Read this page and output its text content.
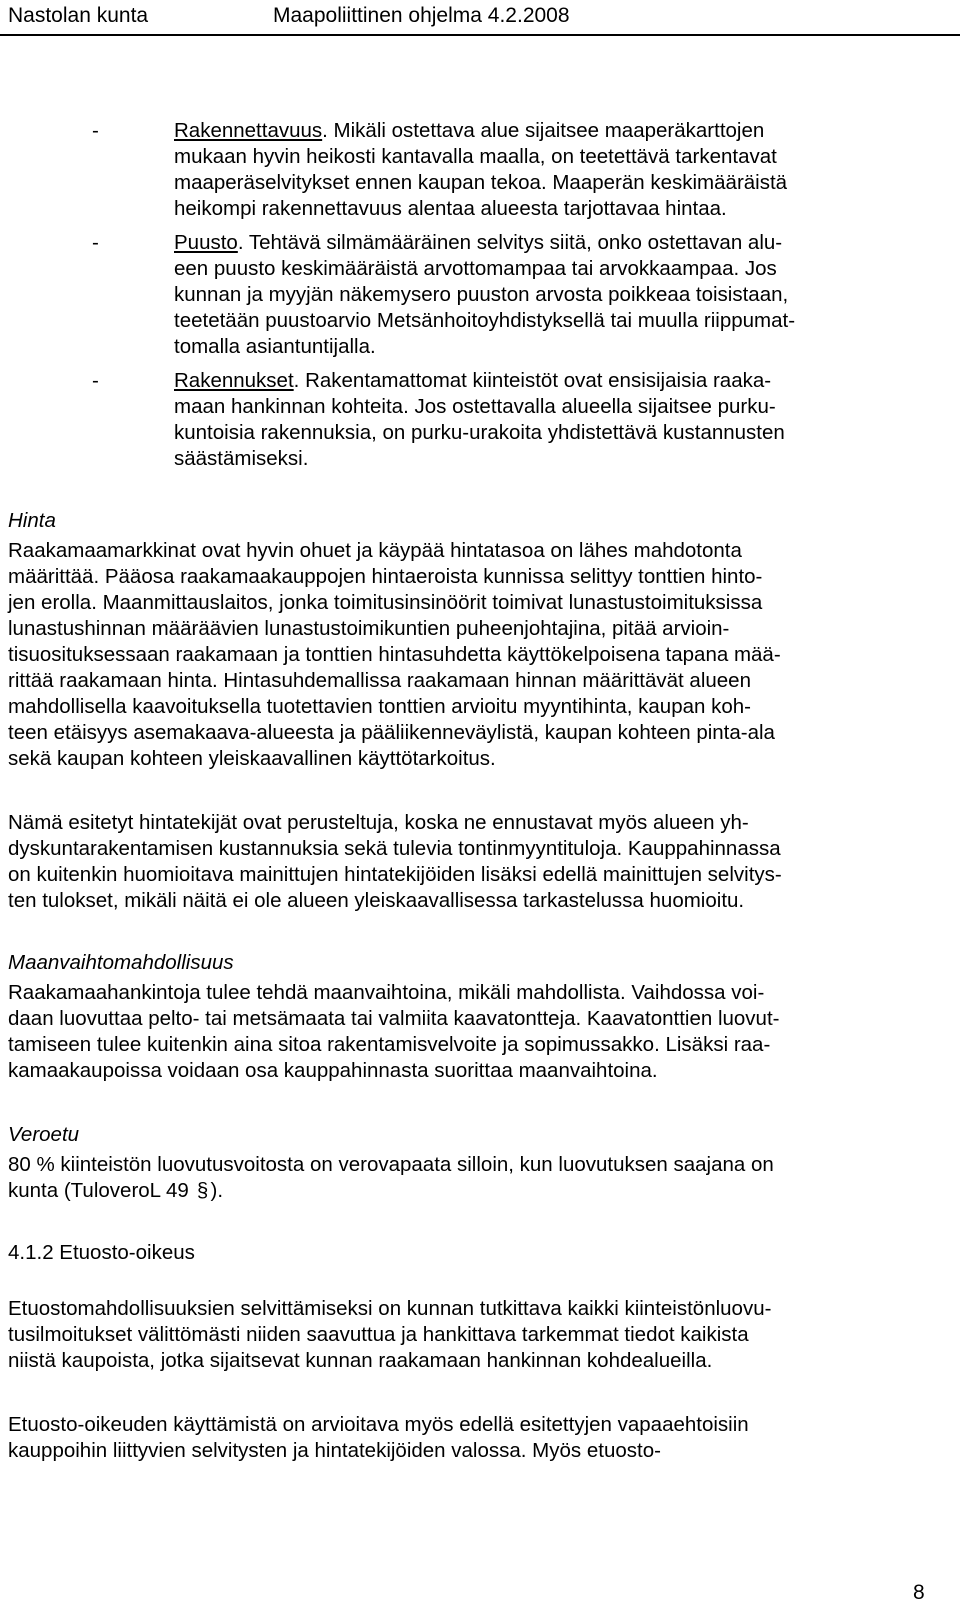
Nastolan kunta	Maapoliittinen ohjelma 4.2.2008
-	Rakennettavuus. Mikäli ostettava alue sijaitsee maaperäkarttojen
mukaan hyvin heikosti kantavalla maalla, on teetettävä tarkentavat
maaperäselvitykset ennen kaupan tekoa. Maaperän keskimääräistä
heikompi rakennettavuus alentaa alueesta tarjottavaa hintaa.
-	Puusto. Tehtävä silmämääräinen selvitys siitä, onko ostettavan alu-
een puusto keskimääräistä arvottomampaa tai arvokkaampaa. Jos
kunnan ja myyjän näkemysero puuston arvosta poikkeaa toisistaan,
teetetään puustoarvio Metsänhoitoyhdistyksellä tai muulla riippumat-
tomalla asiantuntijalla.
-	Rakennukset. Rakentamattomat kiinteistöt ovat ensisijaisia raaka-
maan hankinnan kohteita. Jos ostettavalla alueella sijaitsee purku-
kuntoisia rakennuksia, on purku-urakoita yhdistettävä kustannusten
säästämiseksi.
Hinta
Raakamaamarkkinat ovat hyvin ohuet ja käypää hintatasoa on lähes mahdotonta
määrittää. Pääosa raakamaakauppojen hintaeroista kunnissa selittyy tonttien hinto-
jen erolla. Maanmittauslaitos, jonka toimitusinsinöörit toimivat lunastustoimituksissa
lunastushinnan määräävien lunastustoimikuntien puheenjohtajina, pitää arvioin-
tisuosituksessaan raakamaan ja tonttien hintasuhdetta käyttökelpoisena tapana mää-
rittää raakamaan hinta. Hintasuhdemallissa raakamaan hinnan määrittävät alueen
mahdollisella kaavoituksella tuotettavien tonttien arvioitu myyntihinta, kaupan koh-
teen etäisyys asemakaava-alueesta ja pääliikenneväylistä, kaupan kohteen pinta-ala
sekä kaupan kohteen yleiskaavallinen käyttötarkoitus.
Nämä esitetyt hintatekijät ovat perusteltuja, koska ne ennustavat myös alueen yh-
dyskuntarakentamisen kustannuksia sekä tulevia tontinmyyntituloja. Kauppahinnassa
on kuitenkin huomioitava mainittujen hintatekijöiden lisäksi edellä mainittujen selvitys-
ten tulokset, mikäli näitä ei ole alueen yleiskaavallisessa tarkastelussa huomioitu.
Maanvaihtomahdollisuus
Raakamaahankintoja tulee tehdä maanvaihtoina, mikäli mahdollista. Vaihdossa voi-
daan luovuttaa pelto- tai metsämaata tai valmiita kaavatontteja. Kaavatonttien luovut-
tamiseen tulee kuitenkin aina sitoa rakentamisvelvoite ja sopimussakko. Lisäksi raa-
kamaakaupoissa voidaan osa kauppahinnasta suorittaa maanvaihtoina.
Veroetu
80 % kiinteistön luovutusvoitosta on verovapaata silloin, kun luovutuksen saajana on
kunta (TuloveroL 49 § ).
4.1.2 Etuosto-oikeus
Etuostomahdollisuuksien selvittämiseksi on kunnan tutkittava kaikki kiinteistönluovu-
tusilmoitukset välittömästi niiden saavuttua ja hankittava tarkemmat tiedot kaikista
niistä kaupoista, jotka sijaitsevat kunnan raakamaan hankinnan kohdealueilla.
Etuosto-oikeuden käyttämistä on arvioitava myös edellä esitettyjen vapaaehtoisiin
kauppoihin liittyvien selvitysten ja hintatekijöiden valossa. Myös etuosto-
8
